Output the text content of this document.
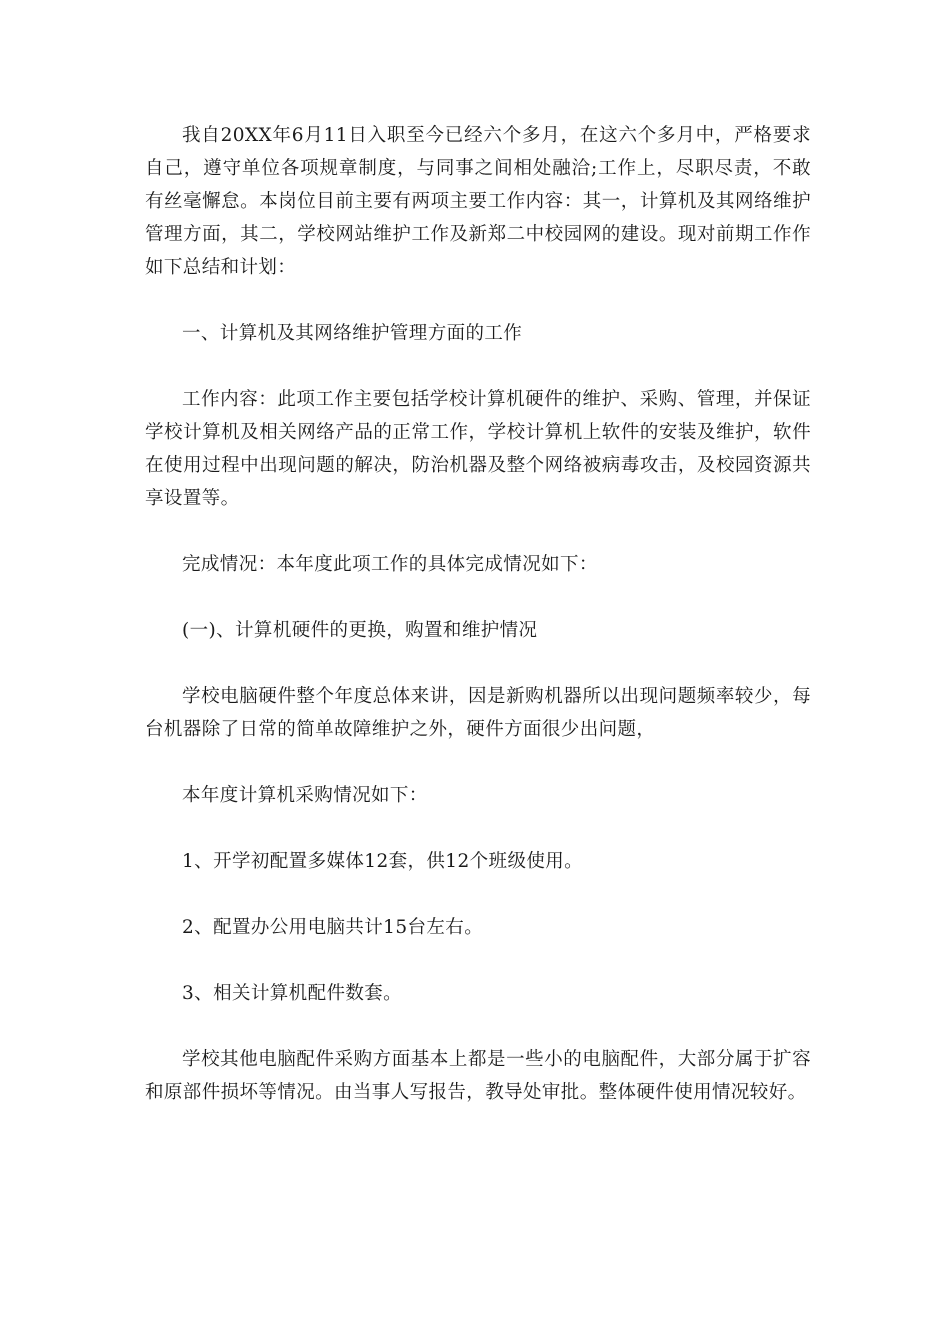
我自20XX年6月11日入职至今已经六个多月，在这六个多月中，严格要求自己，遵守单位各项规章制度，与同事之间相处融洽;工作上，尽职尽责，不敢有丝毫懈怠。本岗位目前主要有两项主要工作内容：其一，计算机及其网络维护管理方面，其二，学校网站维护工作及新郑二中校园网的建设。现对前期工作作如下总结和计划：

一、计算机及其网络维护管理方面的工作

工作内容：此项工作主要包括学校计算机硬件的维护、采购、管理，并保证学校计算机及相关网络产品的正常工作，学校计算机上软件的安装及维护，软件在使用过程中出现问题的解决，防治机器及整个网络被病毒攻击，及校园资源共享设置等。

完成情况：本年度此项工作的具体完成情况如下：

(一)、计算机硬件的更换，购置和维护情况

学校电脑硬件整个年度总体来讲，因是新购机器所以出现问题频率较少，每台机器除了日常的简单故障维护之外，硬件方面很少出问题，

本年度计算机采购情况如下：

1、开学初配置多媒体12套，供12个班级使用。

2、配置办公用电脑共计15台左右。

3、相关计算机配件数套。

学校其他电脑配件采购方面基本上都是一些小的电脑配件，大部分属于扩容和原部件损坏等情况。由当事人写报告，教导处审批。整体硬件使用情况较好。
